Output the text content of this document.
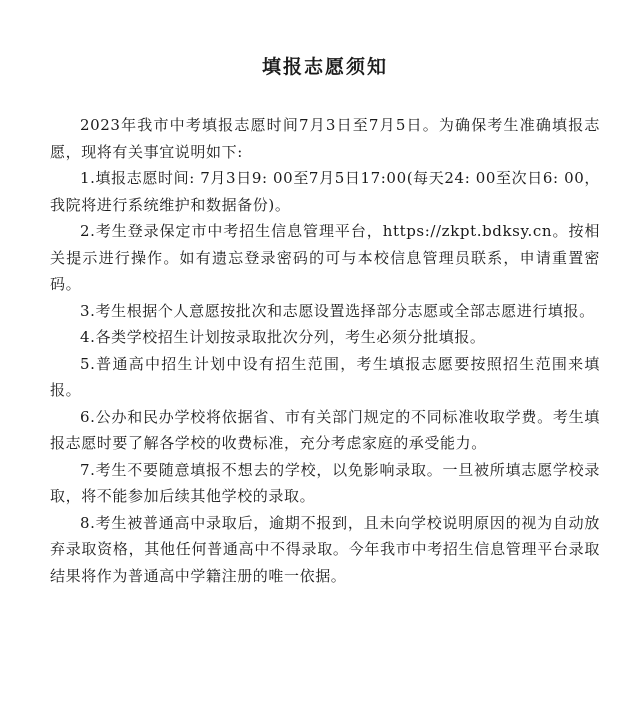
填报志愿须知

2023年我市中考填报志愿时间7月3日至7月5日。为确保考生准确填报志愿，现将有关事宜说明如下:

1.填报志愿时间: 7月3日9: 00至7月5日17:00(每天24: 00至次日6: 00，我院将进行系统维护和数据备份)。

2.考生登录保定市中考招生信息管理平台，https://zkpt.bdksy.cn。按相关提示进行操作。如有遗忘登录密码的可与本校信息管理员联系，申请重置密码。

3.考生根据个人意愿按批次和志愿设置选择部分志愿或全部志愿进行填报。

4.各类学校招生计划按录取批次分列，考生必须分批填报。

5.普通高中招生计划中设有招生范围，考生填报志愿要按照招生范围来填报。

6.公办和民办学校将依据省、市有关部门规定的不同标准收取学费。考生填报志愿时要了解各学校的收费标准，充分考虑家庭的承受能力。

7.考生不要随意填报不想去的学校，以免影响录取。一旦被所填志愿学校录取，将不能参加后续其他学校的录取。

8.考生被普通高中录取后，逾期不报到，且未向学校说明原因的视为自动放弃录取资格，其他任何普通高中不得录取。今年我市中考招生信息管理平台录取结果将作为普通高中学籍注册的唯一依据。
